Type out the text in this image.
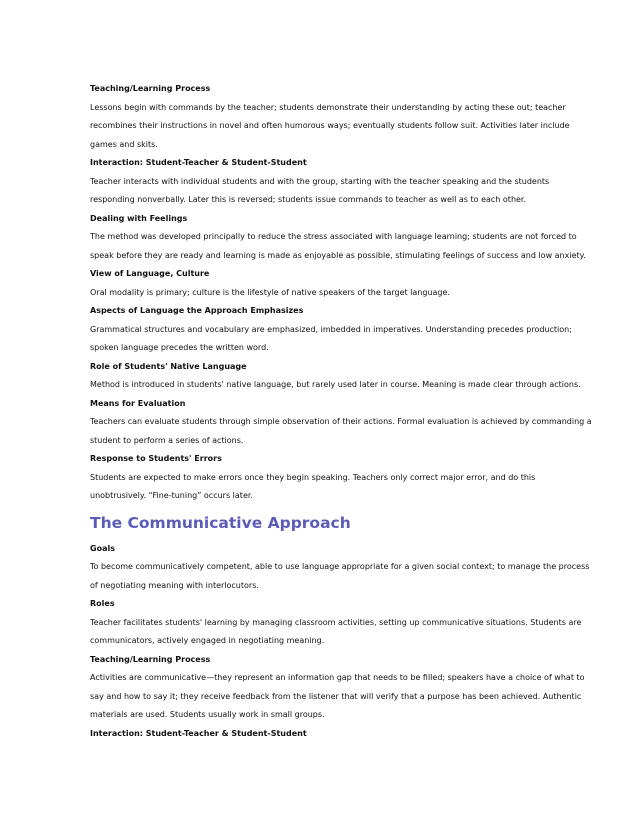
Teaching/Learning Process
Lessons begin with commands by the teacher; students demonstrate their understanding by acting these out; teacher
recombines their instructions in novel and often humorous ways; eventually students follow suit. Activities later include
games and skits.
Interaction: Student-Teacher & Student-Student
Teacher interacts with individual students and with the group, starting with the teacher speaking and the students
responding nonverbally. Later this is reversed; students issue commands to teacher as well as to each other.
Dealing with Feelings
The method was developed principally to reduce the stress associated with language learning; students are not forced to
speak before they are ready and learning is made as enjoyable as possible, stimulating feelings of success and low anxiety.
View of Language, Culture
Oral modality is primary; culture is the lifestyle of native speakers of the target language.
Aspects of Language the Approach Emphasizes
Grammatical structures and vocabulary are emphasized, imbedded in imperatives. Understanding precedes production;
spoken language precedes the written word.
Role of Students' Native Language
Method is introduced in students' native language, but rarely used later in course. Meaning is made clear through actions.
Means for Evaluation
Teachers can evaluate students through simple observation of their actions. Formal evaluation is achieved by commanding a
student to perform a series of actions.
Response to Students' Errors
Students are expected to make errors once they begin speaking. Teachers only correct major error, and do this
unobtrusively. “Fine-tuning” occurs later.
The Communicative Approach
Goals
To become communicatively competent, able to use language appropriate for a given social context; to manage the process
of negotiating meaning with interlocutors.
Roles
Teacher facilitates students' learning by managing classroom activities, setting up communicative situations. Students are
communicators, actively engaged in negotiating meaning.
Teaching/Learning Process
Activities are communicative—they represent an information gap that needs to be filled; speakers have a choice of what to
say and how to say it; they receive feedback from the listener that will verify that a purpose has been achieved. Authentic
materials are used. Students usually work in small groups.
Interaction: Student-Teacher & Student-Student
